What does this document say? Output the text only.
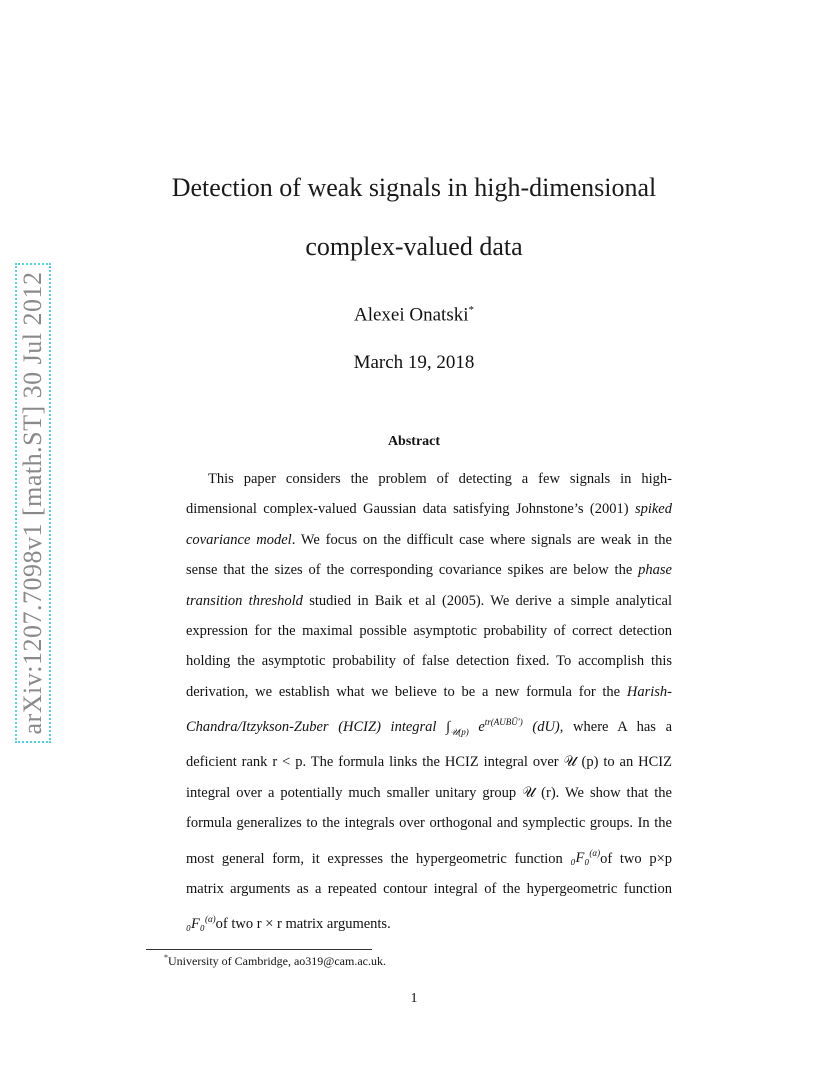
arXiv:1207.7098v1 [math.ST] 30 Jul 2012
Detection of weak signals in high-dimensional
complex-valued data
Alexei Onatski*
March 19, 2018
Abstract

This paper considers the problem of detecting a few signals in high-dimensional complex-valued Gaussian data satisfying Johnstone’s (2001) spiked covariance model. We focus on the difficult case where signals are weak in the sense that the sizes of the corresponding covariance spikes are below the phase transition threshold studied in Baik et al (2005). We derive a simple analytical expression for the maximal possible asymptotic probability of correct detection holding the asymptotic probability of false detection fixed. To accomplish this derivation, we establish what we believe to be a new formula for the Harish-Chandra/Itzykson-Zuber (HCIZ) integral $\int_{𝒰(p)}$ $e^{tr(AUBŪ')}$ (dU), where A has a deficient rank r < p. The formula links the HCIZ integral over 𝒰 (p) to an HCIZ integral over a potentially much smaller unitary group 𝒰 (r). We show that the formula generalizes to the integrals over orthogonal and symplectic groups. In the most general form, it expresses the hypergeometric function ₀F₀$^{(\alpha)}$of two p×p matrix arguments as a repeated contour integral of the hypergeometric function ₀F₀$^{(\alpha)}$of two r × r matrix arguments.

*University of Cambridge, ao319@cam.ac.uk.
1
